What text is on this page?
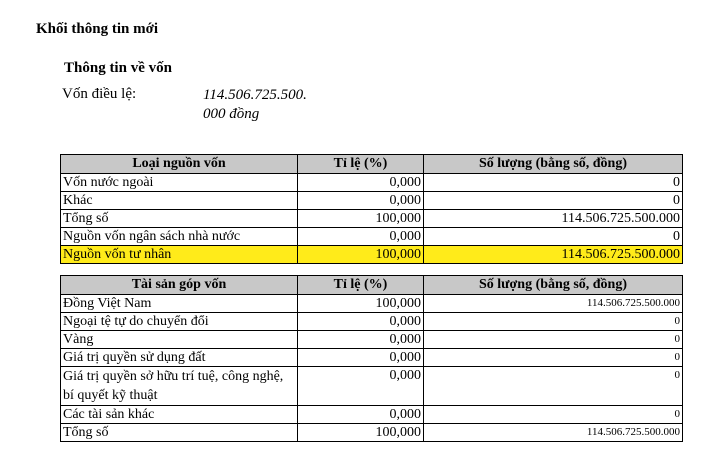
Khối thông tin mới
Thông tin về vốn
Vốn điều lệ:	114.506.725.500.
000 đồng
Loại nguồn vốn	Tỉ lệ (%)	Số lượng (bằng số, đồng)
Vốn nước ngoài	0,000	0
Khác	0,000	0
Tổng số	100,000	114.506.725.500.000
Nguồn vốn ngân sách nhà nước	0,000	0
Nguồn vốn tư nhân	100,000	114.506.725.500.000
Tài sản góp vốn	Tỉ lệ (%)	Số lượng (bằng số, đồng)
Đồng Việt Nam	100,000	114.506.725.500.000
Ngoại tệ tự do chuyển đổi	0,000	0
Vàng	0,000	0
Giá trị quyền sử dụng đất	0,000	0
Giá trị quyền sở hữu trí tuệ, công nghệ, bí quyết kỹ thuật	0,000	0
Các tài sản khác	0,000	0
Tổng số	100,000	114.506.725.500.000
